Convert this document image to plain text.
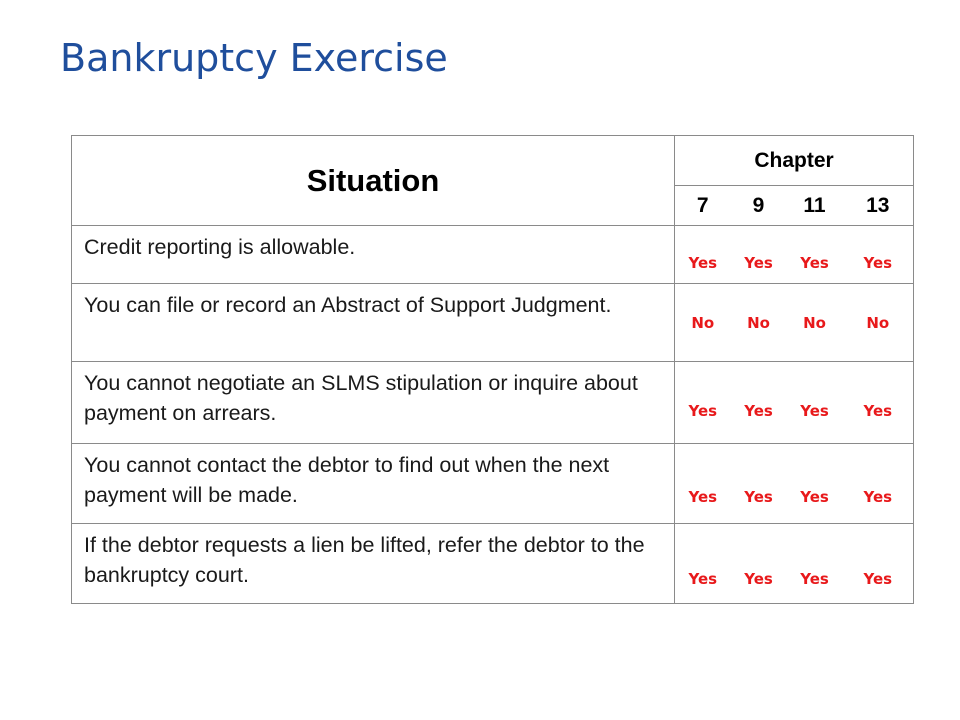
Bankruptcy Exercise
Situation	Chapter			
	7	9	11	13
Credit reporting is allowable.	Yes	Yes	Yes	Yes

You can file or record an Abstract of Support Judgment.	No	No	No	No

You cannot negotiate an SLMS stipulation or inquire about payment on arrears.	Yes	Yes	Yes	Yes

You cannot contact the debtor to find out when the next payment will be made.	Yes	Yes	Yes	Yes

If the debtor requests a lien be lifted, refer the debtor to the bankruptcy court.	Yes	Yes	Yes	Yes
